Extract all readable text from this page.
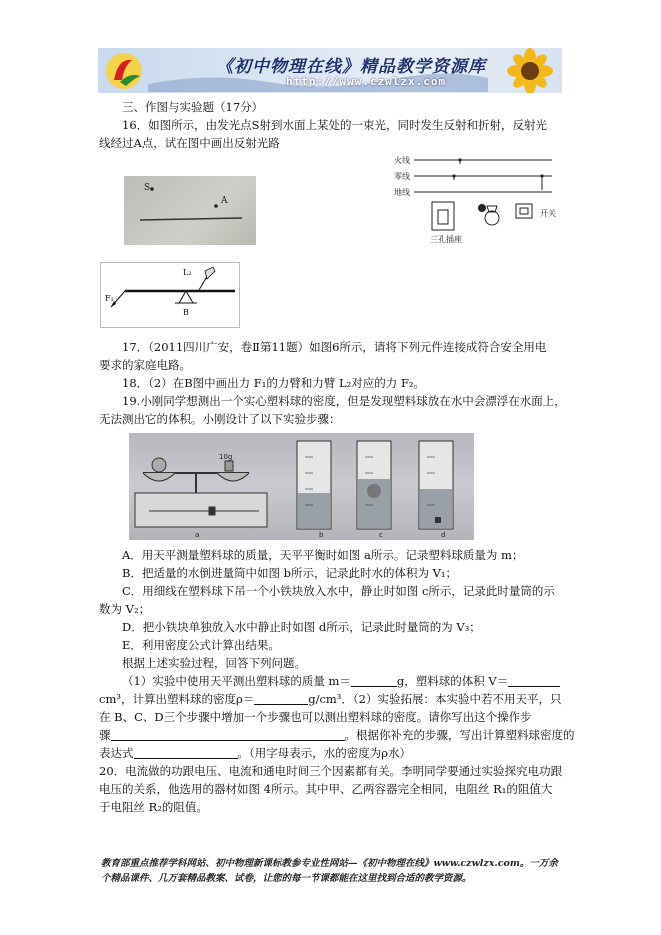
《初中物理在线》精品教学资源库
http://www.czwlzx.com
三、作图与实验题（17分）
16．如图所示，由发光点S射到水面上某处的一束光，同时发生反射和折射，反射光
线经过A点，试在图中画出反射光路
S
A
火线
零线
地线
三孔插座
开关
L₂
F₁
B
17．（2011四川广安，卷Ⅱ第11题）如图6所示，请将下列元件连接成符合安全用电
要求的家庭电路。
18．（2）在B图中画出力 F₁的力臂和力臂 L₂对应的力 F₂。
19.小刚同学想测出一个实心塑料球的密度，但是发现塑料球放在水中会漂浮在水面上，
无法测出它的体积。小刚设计了以下实验步骤：
10g
a	b	c	d
A．用天平测量塑料球的质量，天平平衡时如图 a所示。记录塑料球质量为 m；
B．把适量的水倒进量筒中如图 b所示，记录此时水的体积为 V₁；
C．用细线在塑料球下吊一个小铁块放入水中，静止时如图 c所示，记录此时量筒的示
数为 V₂；
D．把小铁块单独放入水中静止时如图 d所示，记录此时量筒的为 V₃；
E．利用密度公式计算出结果。
根据上述实验过程，回答下列问题。
（1）实验中使用天平测出塑料球的质量 m＝	g，塑料球的体积 V＝
cm³，计算出塑料球的密度ρ＝	g/cm³．（2）实验拓展：本实验中若不用天平，只
在 B、C、D三个步骤中增加一个步骤也可以测出塑料球的密度。请你写出这个操作步
骤	。根据你补充的步骤，写出计算塑料球密度的
表达式	。（用字母表示，水的密度为ρ水）
20．电流做的功跟电压、电流和通电时间三个因素都有关。李明同学要通过实验探究电功跟
电压的关系，他选用的器材如图 4所示。其中甲、乙两容器完全相同，电阻丝 R₁的阻值大
于电阻丝 R₂的阻值。
教育部重点推荐学科网站、初中物理新课标教参专业性网站—《初中物理在线》www.czwlzx.com。一万余
个精品课件、几万套精品教案、试卷，让您的每一节课都能在这里找到合适的教学资源。
